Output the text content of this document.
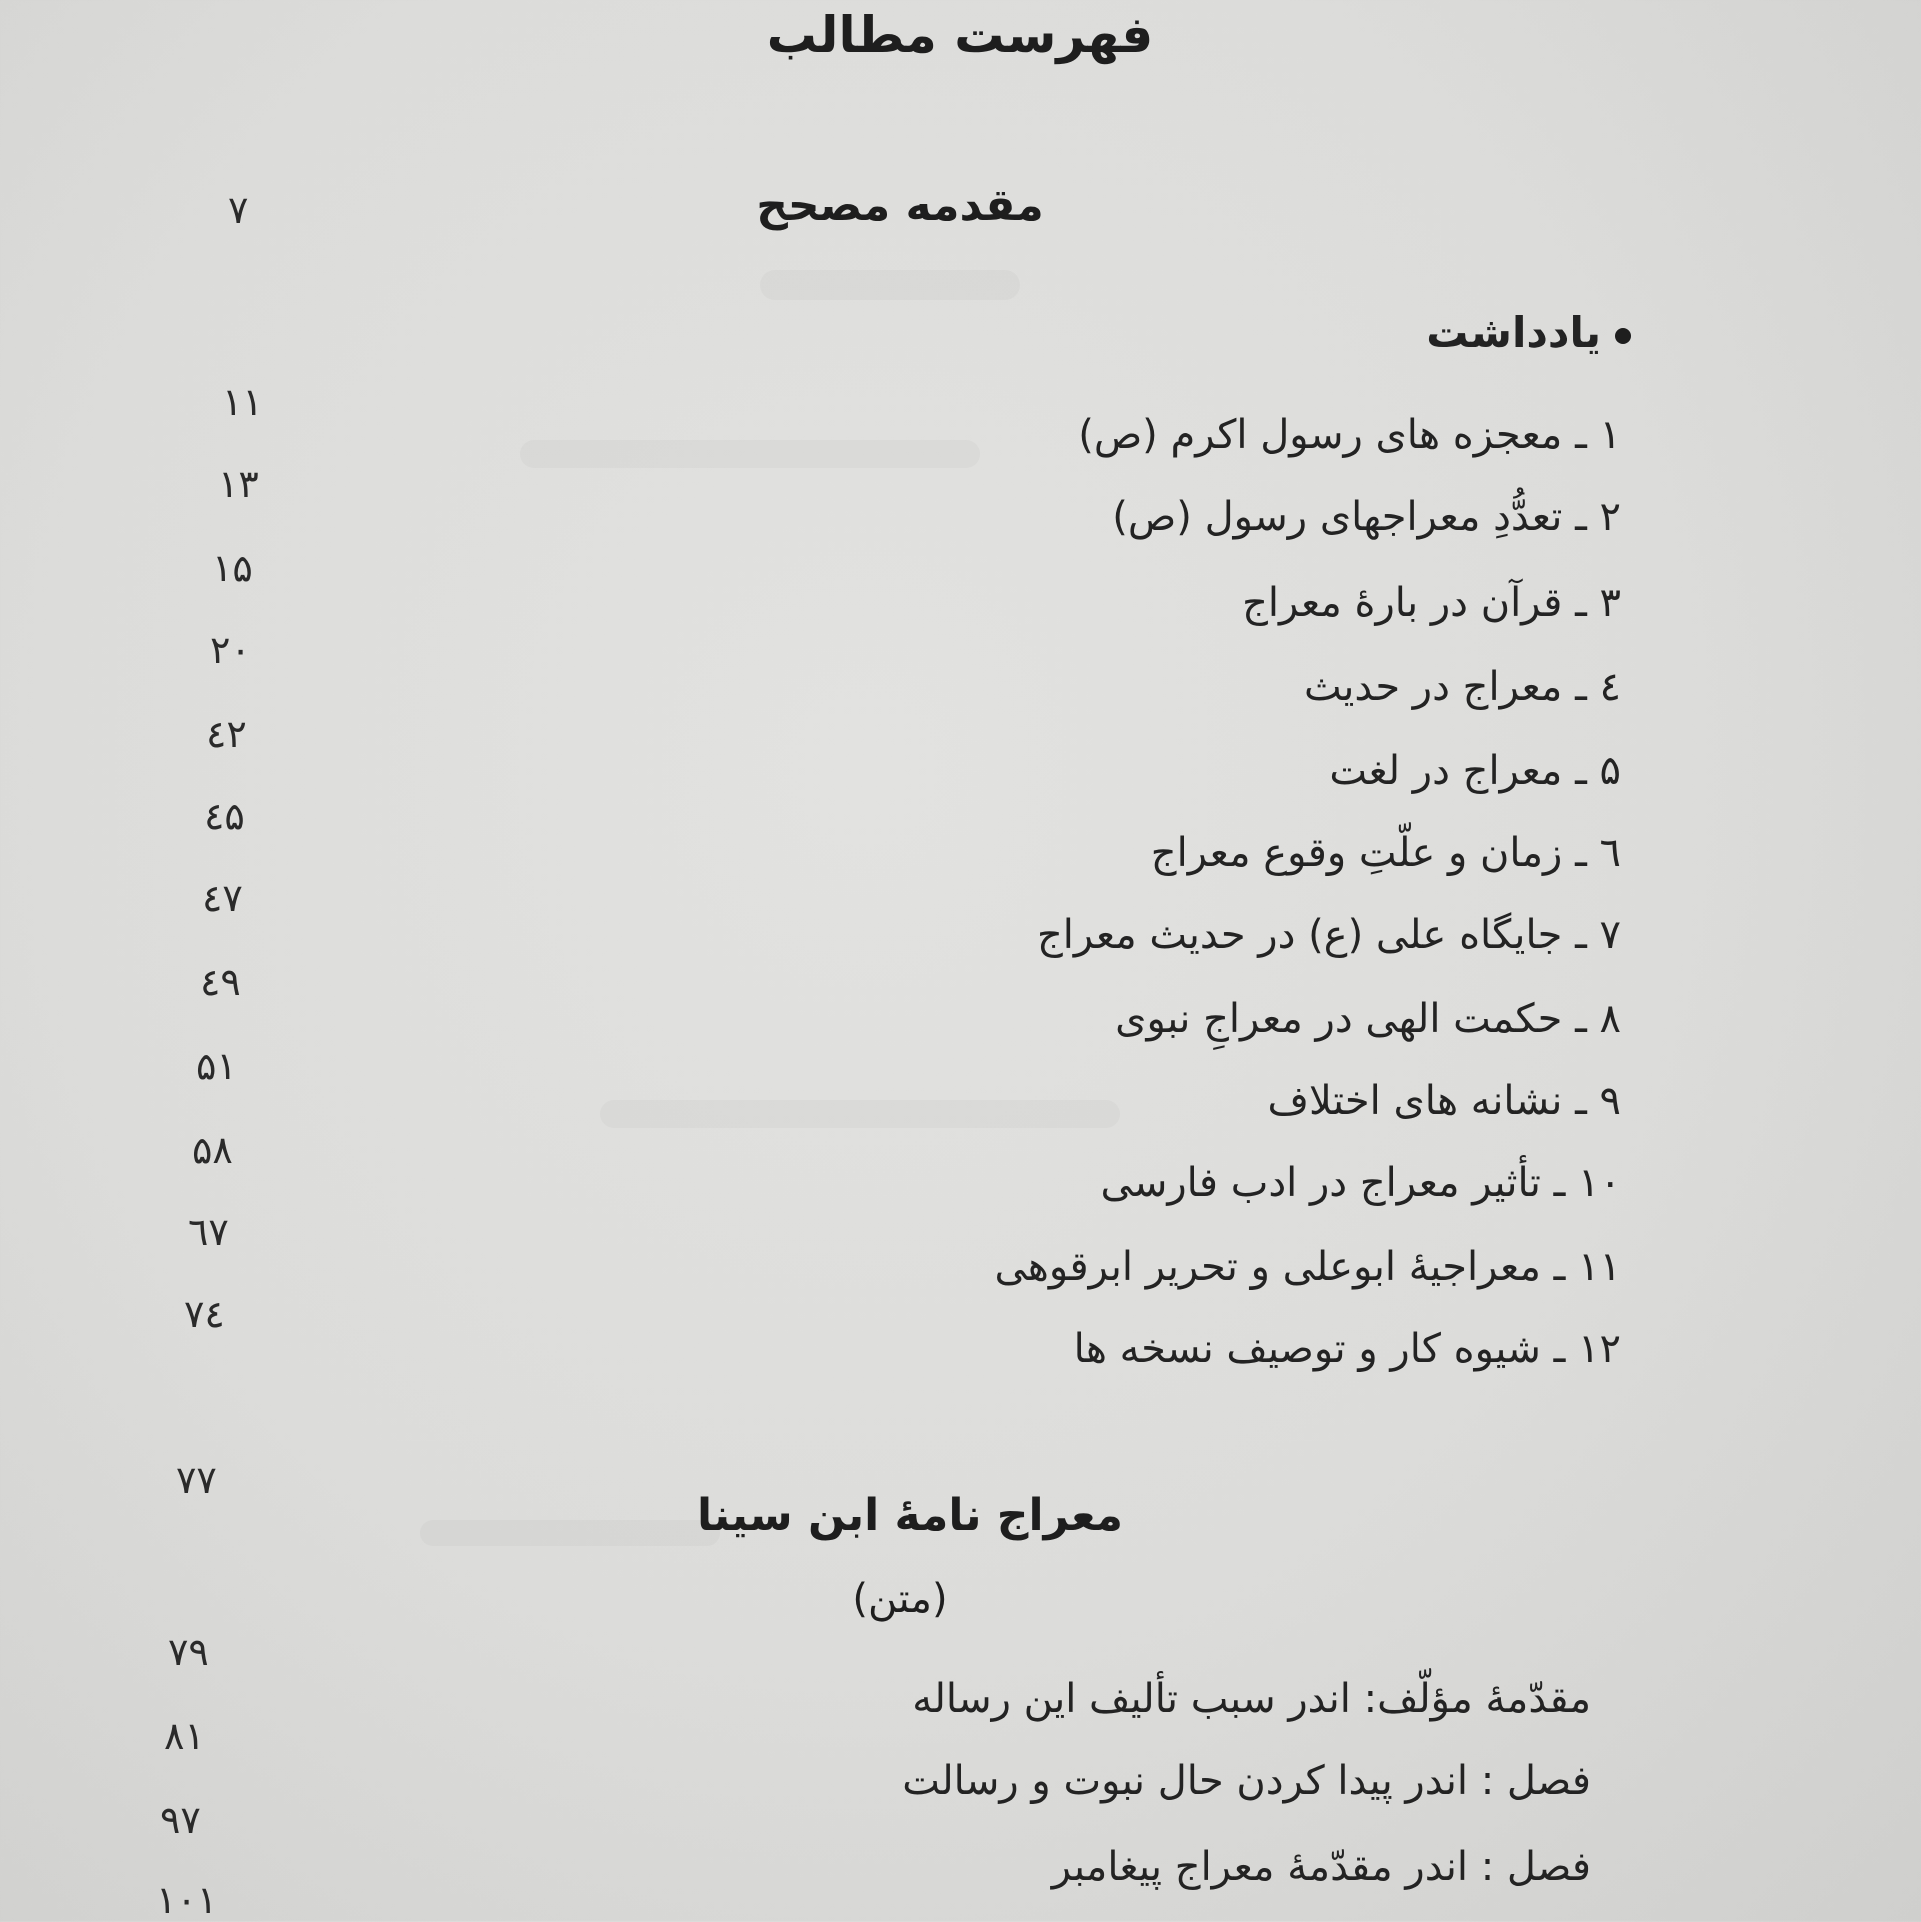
فهرست مطالب
مقدمه مصحح
۷
یادداشت
۱ ـ معجزه های رسول اکرم (ص)
۱۱
۲ ـ تعدُّدِ معراجهای رسول (ص)
۱۳
۳ ـ قرآن در بارهٔ معراج
۱۵
٤ ـ معراج در حدیث
۲۰
۵ ـ معراج در لغت
٤۲
٦ ـ زمان و علّتِ وقوع معراج
٤۵
۷ ـ جایگاه علی (ع) در حدیث معراج
٤۷
۸ ـ حکمت الهی در معراجِ نبوی
٤۹
۹ ـ نشانه های اختلاف
۵۱
۱۰ ـ تأثیر معراج در ادب فارسی
۵۸
۱۱ ـ معراجیهٔ ابوعلی و تحریر ابرقوهی
٦۷
۱۲ ـ شیوه کار و توصیف نسخه ها
۷٤
۷۷
معراج نامهٔ ابن سینا
(متن)
مقدّمهٔ مؤلّف: اندر سبب تألیف این رساله
۷۹
فصل : اندر پیدا کردن حال نبوت و رسالت
۸۱
فصل : اندر مقدّمهٔ معراج پیغامبر
۹۷
۱۰۱
